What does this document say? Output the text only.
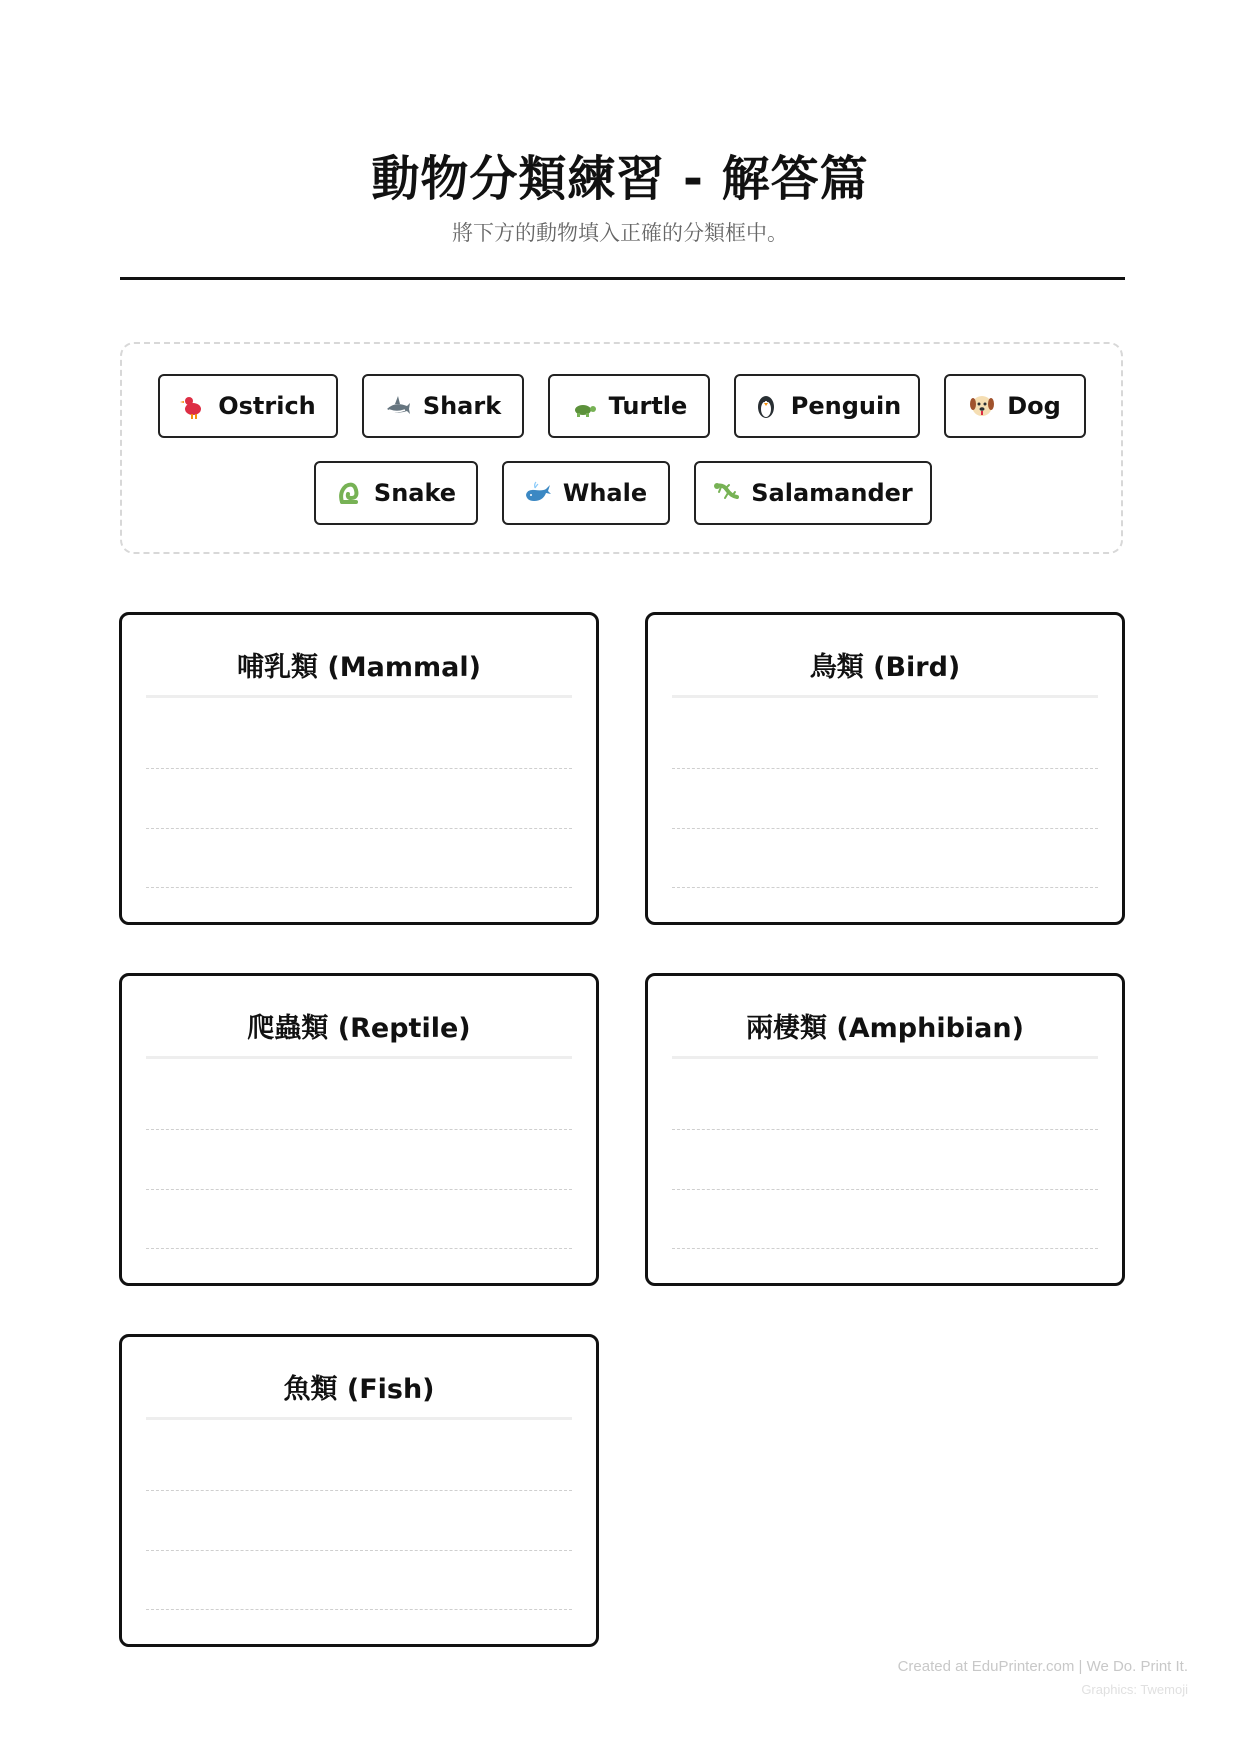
動物分類練習 - 解答篇
將下方的動物填入正確的分類框中。
Ostrich	Shark	Turtle	Penguin	Dog
Snake	Whale	Salamander
哺乳類 (Mammal)	鳥類 (Bird)
爬蟲類 (Reptile)	兩棲類 (Amphibian)
魚類 (Fish)
Created at EduPrinter.com | We Do. Print It.
Graphics: Twemoji
